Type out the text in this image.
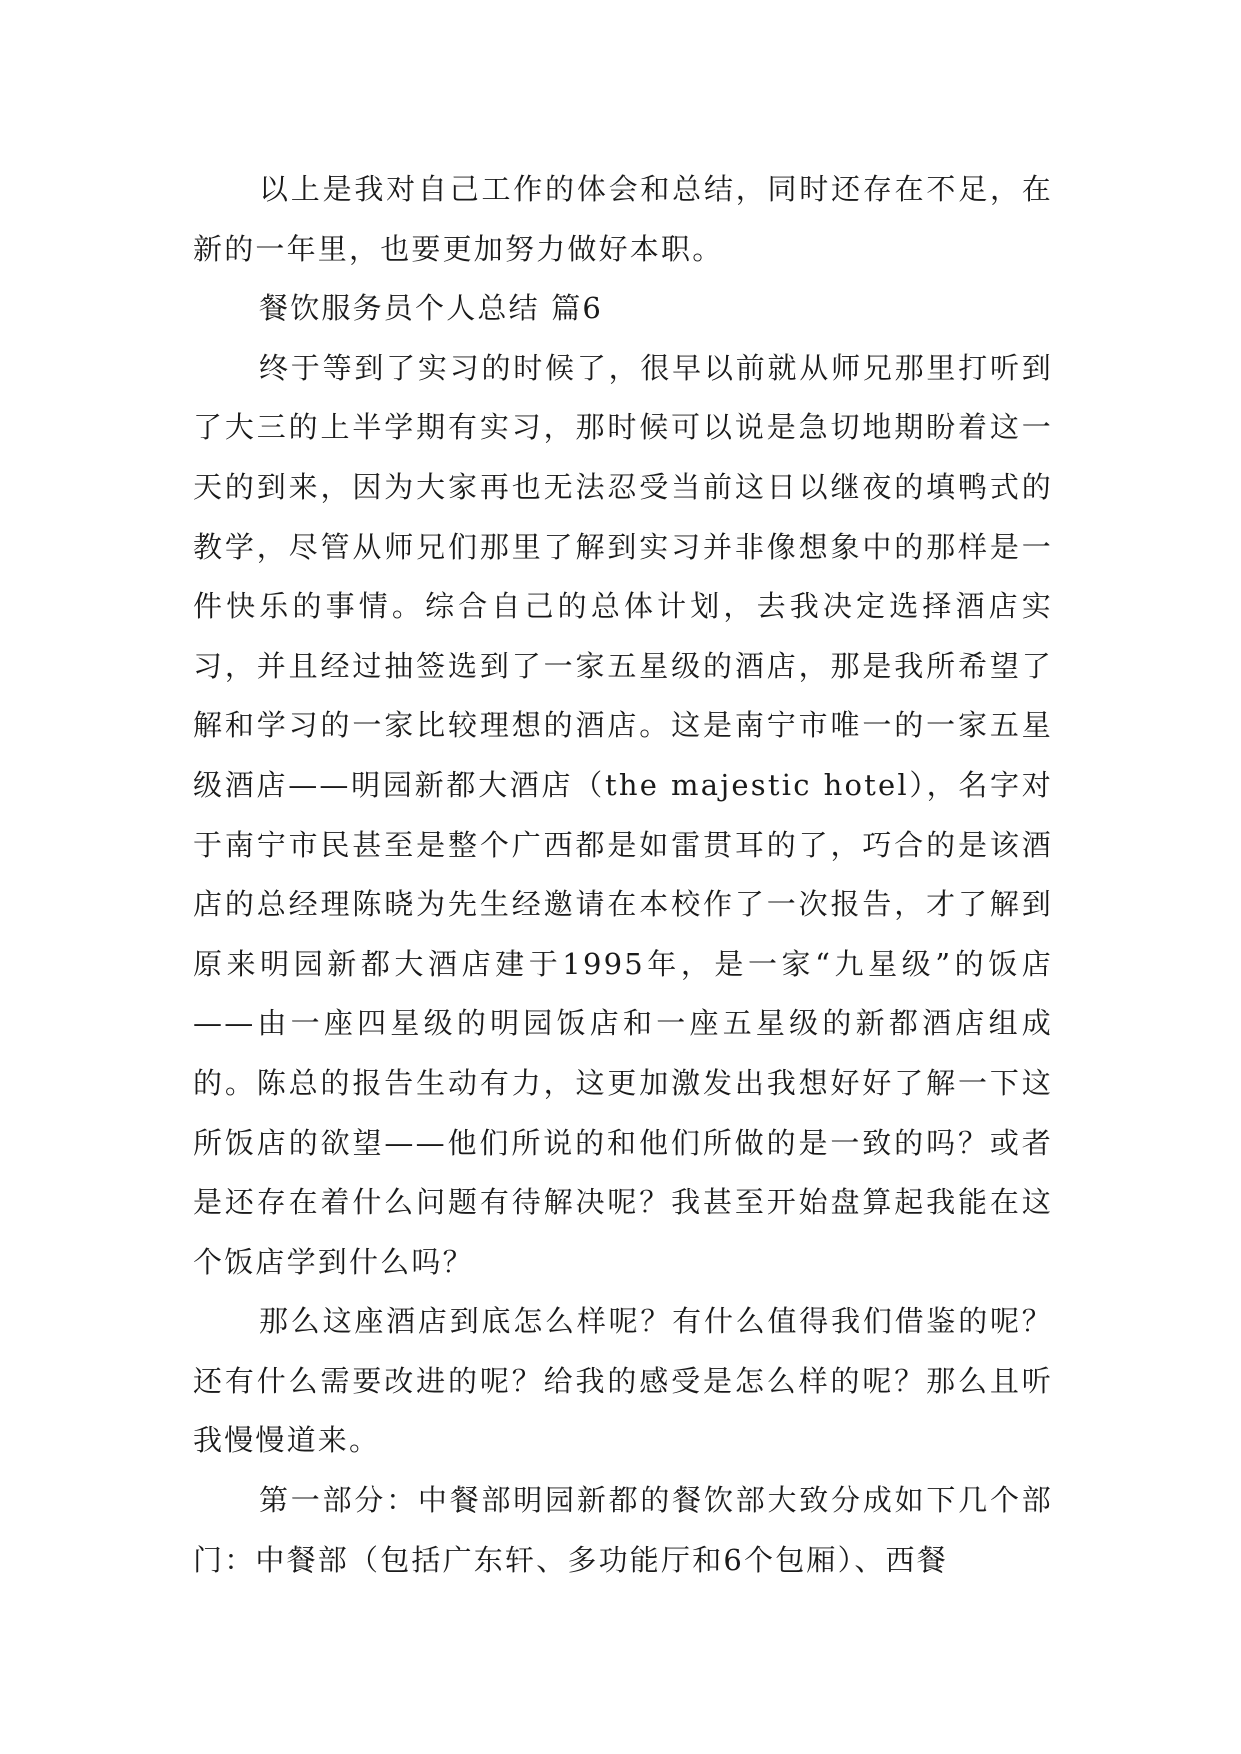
以上是我对自己工作的体会和总结，同时还存在不足，在新的一年里，也要更加努力做好本职。

餐饮服务员个人总结 篇6

终于等到了实习的时候了，很早以前就从师兄那里打听到了大三的上半学期有实习，那时候可以说是急切地期盼着这一天的到来，因为大家再也无法忍受当前这日以继夜的填鸭式的教学，尽管从师兄们那里了解到实习并非像想象中的那样是一件快乐的事情。综合自己的总体计划，去我决定选择酒店实习，并且经过抽签选到了一家五星级的酒店，那是我所希望了解和学习的一家比较理想的酒店。这是南宁市唯一的一家五星级酒店——明园新都大酒店（the majestic hotel），名字对于南宁市民甚至是整个广西都是如雷贯耳的了，巧合的是该酒店的总经理陈晓为先生经邀请在本校作了一次报告，才了解到原来明园新都大酒店建于1995年，是一家“九星级”的饭店——由一座四星级的明园饭店和一座五星级的新都酒店组成的。陈总的报告生动有力，这更加激发出我想好好了解一下这所饭店的欲望——他们所说的和他们所做的是一致的吗？或者是还存在着什么问题有待解决呢？我甚至开始盘算起我能在这个饭店学到什么吗？

那么这座酒店到底怎么样呢？有什么值得我们借鉴的呢？还有什么需要改进的呢？给我的感受是怎么样的呢？那么且听我慢慢道来。

第一部分：中餐部明园新都的餐饮部大致分成如下几个部门：中餐部（包括广东轩、多功能厅和6个包厢）、西餐
